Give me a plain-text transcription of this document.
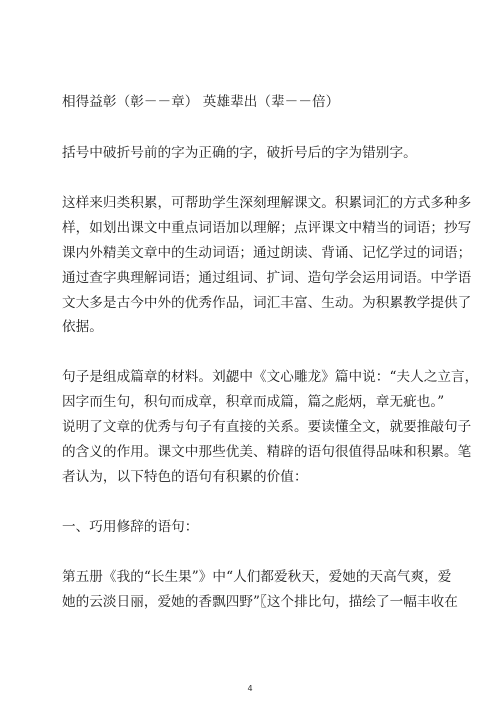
相得益彰（彰－－章） 英雄辈出（辈－－倍）
括号中破折号前的字为正确的字，破折号后的字为错别字。
这样来归类积累，可帮助学生深刻理解课文。积累词汇的方式多种多
样，如划出课文中重点词语加以理解；点评课文中精当的词语；抄写
课内外精美文章中的生动词语；通过朗读、背诵、记忆学过的词语；
通过查字典理解词语；通过组词、扩词、造句学会运用词语。中学语
文大多是古今中外的优秀作品，词汇丰富、生动。为积累教学提供了
依据。
句子是组成篇章的材料。刘勰中《文心雕龙》篇中说：“夫人之立言，
因字而生句，积句而成章，积章而成篇，篇之彪炳，章无疵也。”
说明了文章的优秀与句子有直接的关系。要读懂全文，就要推敲句子
的含义的作用。课文中那些优美、精辟的语句很值得品味和积累。笔
者认为，以下特色的语句有积累的价值：
一、巧用修辞的语句：
第五册《我的“长生果”》中“人们都爱秋天，爱她的天高气爽，爱
她的云淡日丽，爱她的香飘四野”〖这个排比句，描绘了一幅丰收在
4
